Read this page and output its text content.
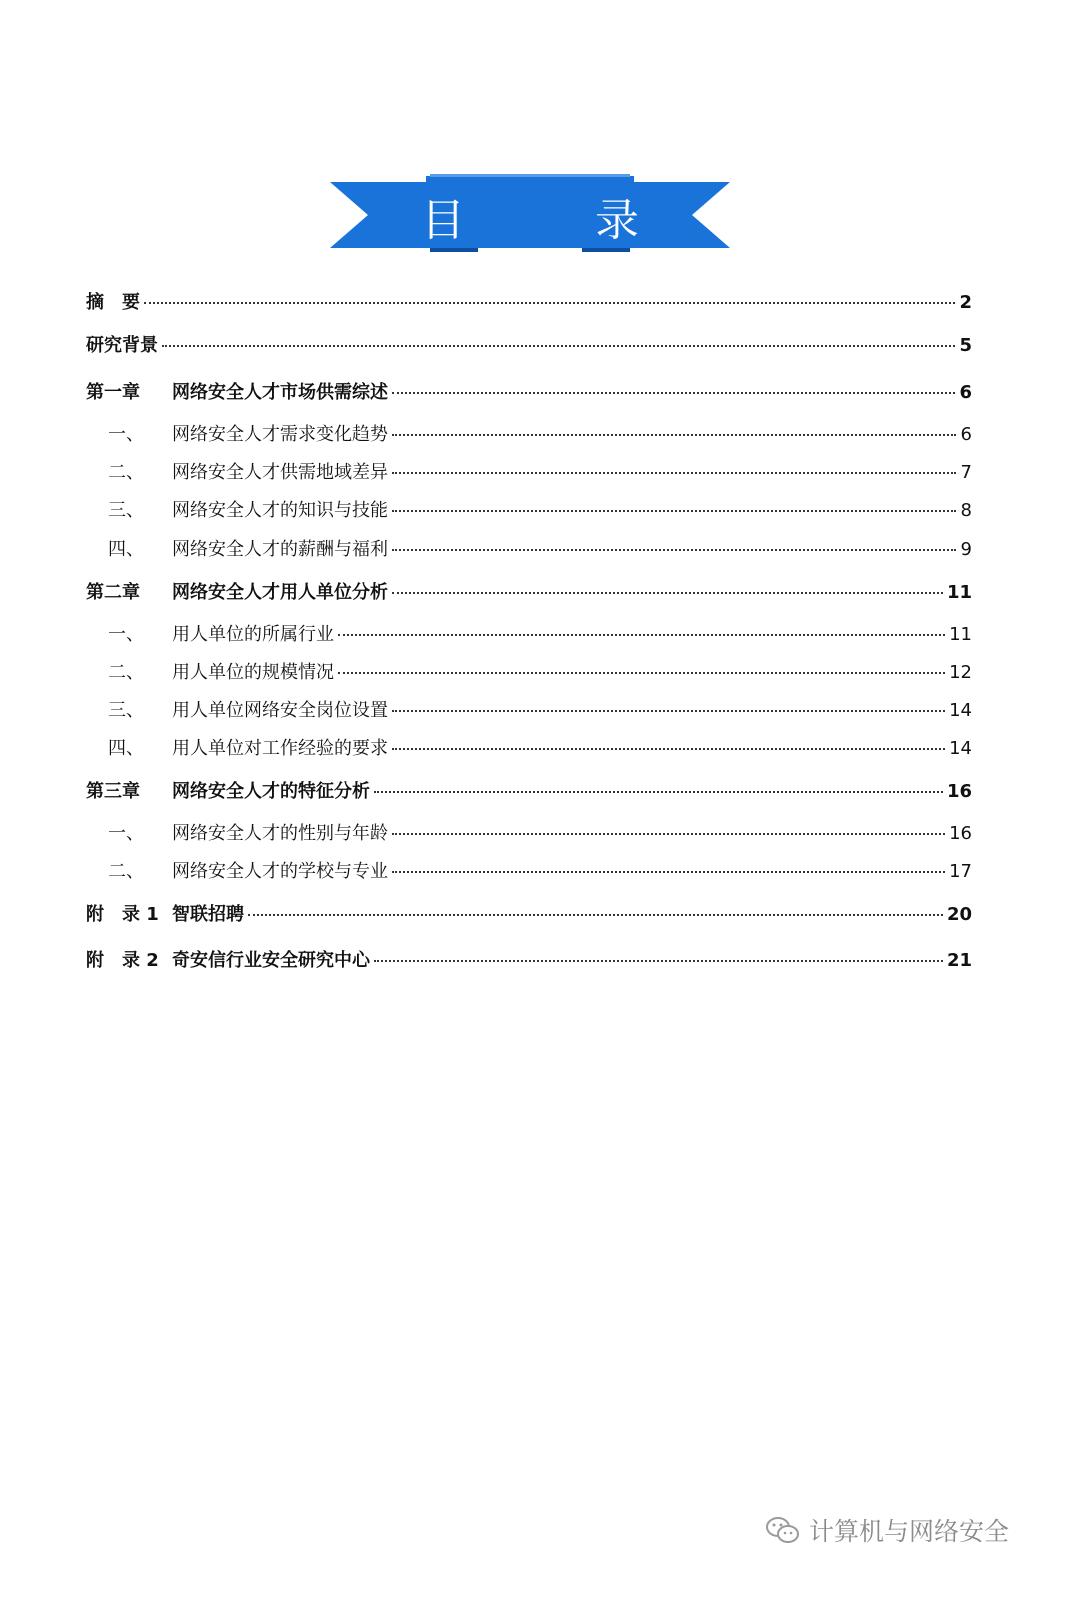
目 录
摘　要	2
研究背景	5
第一章	网络安全人才市场供需综述	6
一、	网络安全人才需求变化趋势	6
二、	网络安全人才供需地域差异	7
三、	网络安全人才的知识与技能	8
四、	网络安全人才的薪酬与福利	9
第二章	网络安全人才用人单位分析	11
一、	用人单位的所属行业	11
二、	用人单位的规模情况	12
三、	用人单位网络安全岗位设置	14
四、	用人单位对工作经验的要求	14
第三章	网络安全人才的特征分析	16
一、	网络安全人才的性别与年龄	16
二、	网络安全人才的学校与专业	17
附　录 1 智联招聘	20
附　录 2 奇安信行业安全研究中心	21
计算机与网络安全
